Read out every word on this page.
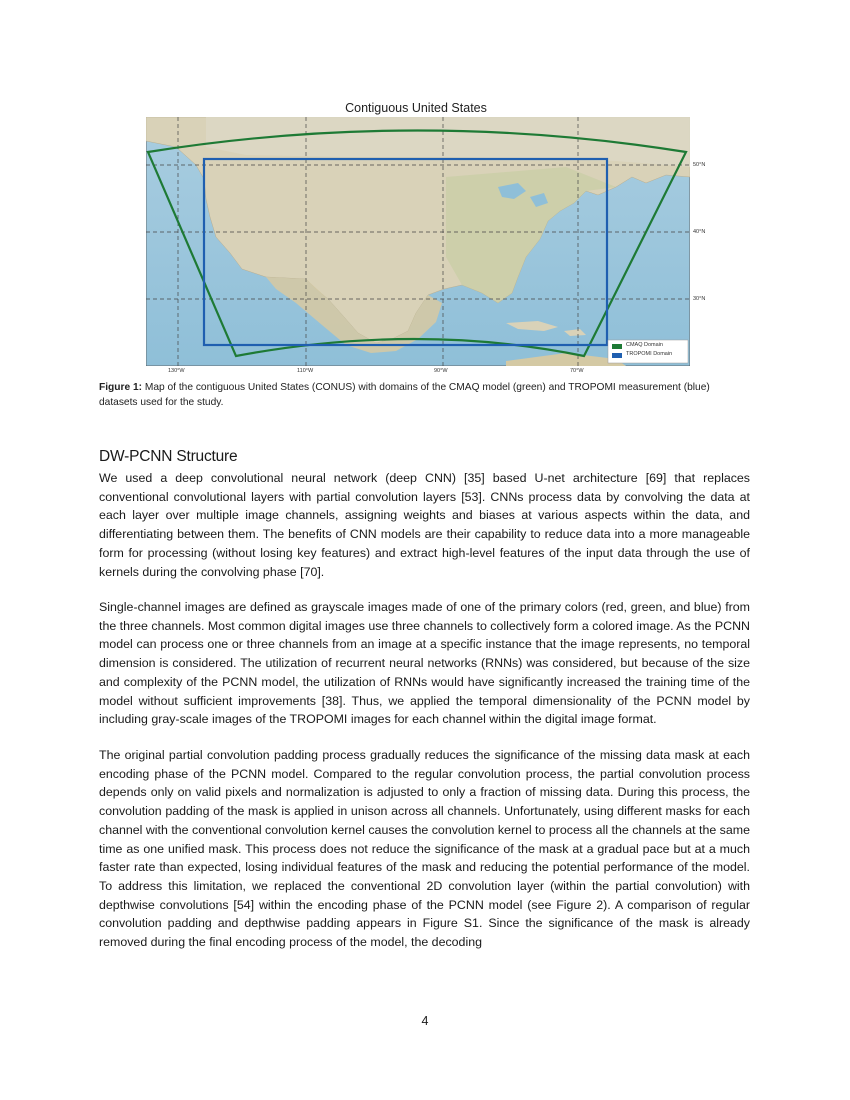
Contiguous United States
CMAQ Domain
TROPOMI Domain
50°N
40°N
30°N
130°W	110°W	90°W	70°W
Figure 1: Map of the contiguous United States (CONUS) with domains of the CMAQ model (green) and TROPOMI measurement (blue) datasets used for the study.
DW-PCNN Structure

We used a deep convolutional neural network (deep CNN) [35] based U-net architecture [69] that replaces conventional convolutional layers with partial convolution layers [53]. CNNs process data by convolving the data at each layer over multiple image channels, assigning weights and biases at various aspects within the data, and differentiating between them. The benefits of CNN models are their capability to reduce data into a more manageable form for processing (without losing key features) and extract high-level features of the input data through the use of kernels during the convolving phase [70].

Single-channel images are defined as grayscale images made of one of the primary colors (red, green, and blue) from the three channels. Most common digital images use three channels to collectively form a colored image. As the PCNN model can process one or three channels from an image at a specific instance that the image represents, no temporal dimension is considered. The utilization of recurrent neural networks (RNNs) was considered, but because of the size and complexity of the PCNN model, the utilization of RNNs would have significantly increased the training time of the model without sufficient improvements [38]. Thus, we applied the temporal dimensionality of the PCNN model by including gray-scale images of the TROPOMI images for each channel within the digital image format.

The original partial convolution padding process gradually reduces the significance of the missing data mask at each encoding phase of the PCNN model. Compared to the regular convolution process, the partial convolution process depends only on valid pixels and normalization is adjusted to only a fraction of missing data. During this process, the convolution padding of the mask is applied in unison across all channels. Unfortunately, using different masks for each channel with the conventional convolution kernel causes the convolution kernel to process all the channels at the same time as one unified mask. This process does not reduce the significance of the mask at a gradual pace but at a much faster rate than expected, losing individual features of the mask and reducing the potential performance of the model. To address this limitation, we replaced the conventional 2D convolution layer (within the partial convolution) with depthwise convolutions [54] within the encoding phase of the PCNN model (see Figure 2). A comparison of regular convolution padding and depthwise padding appears in Figure S1. Since the significance of the mask is already removed during the final encoding process of the model, the decoding

4
